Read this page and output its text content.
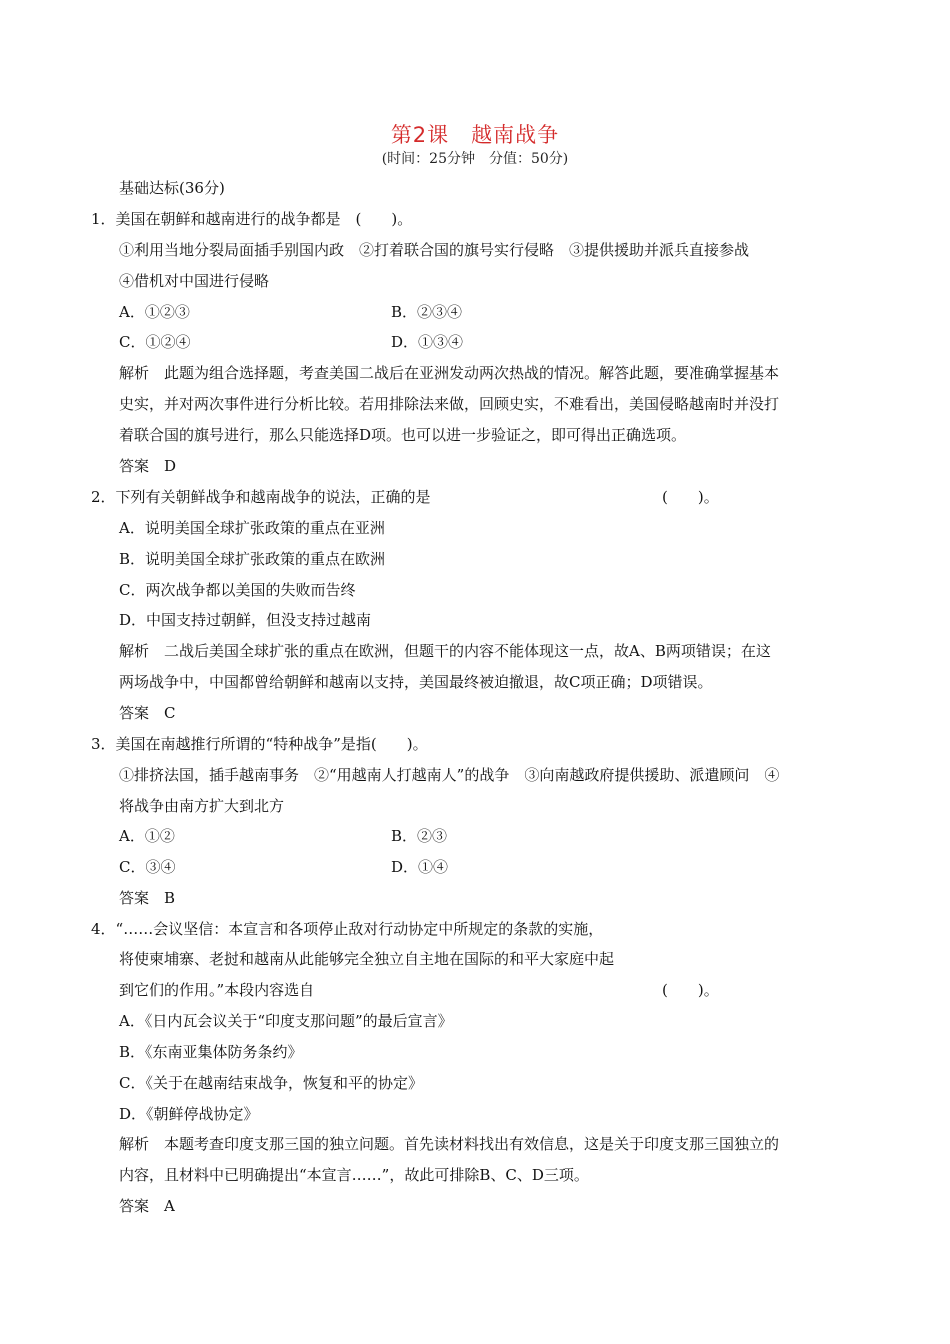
第2课　越南战争
(时间：25分钟　分值：50分)
基础达标(36分)
1．美国在朝鲜和越南进行的战争都是　(　　)。
①利用当地分裂局面插手别国内政　②打着联合国的旗号实行侵略　③提供援助并派兵直接参战
④借机对中国进行侵略
A．①②③	B．②③④
C．①②④	D．①③④
解析　此题为组合选择题，考查美国二战后在亚洲发动两次热战的情况。解答此题，要准确掌握基本
史实，并对两次事件进行分析比较。若用排除法来做，回顾史实，不难看出，美国侵略越南时并没打
着联合国的旗号进行，那么只能选择D项。也可以进一步验证之，即可得出正确选项。
答案　D
2．下列有关朝鲜战争和越南战争的说法，正确的是	(　　)。
A．说明美国全球扩张政策的重点在亚洲
B．说明美国全球扩张政策的重点在欧洲
C．两次战争都以美国的失败而告终
D．中国支持过朝鲜，但没支持过越南
解析　二战后美国全球扩张的重点在欧洲，但题干的内容不能体现这一点，故A、B两项错误；在这
两场战争中，中国都曾给朝鲜和越南以支持，美国最终被迫撤退，故C项正确；D项错误。
答案　C
3．美国在南越推行所谓的“特种战争”是指(　　)。
①排挤法国，插手越南事务　②“用越南人打越南人”的战争　③向南越政府提供援助、派遣顾问　④
将战争由南方扩大到北方
A．①②	B．②③
C．③④	D．①④
答案　B
4．“……会议坚信：本宣言和各项停止敌对行动协定中所规定的条款的实施，
将使柬埔寨、老挝和越南从此能够完全独立自主地在国际的和平大家庭中起
到它们的作用。”本段内容选自	(　　)。
A．《日内瓦会议关于“印度支那问题”的最后宣言》
B．《东南亚集体防务条约》
C．《关于在越南结束战争，恢复和平的协定》
D．《朝鲜停战协定》
解析　本题考查印度支那三国的独立问题。首先读材料找出有效信息，这是关于印度支那三国独立的
内容，且材料中已明确提出“本宣言……”，故此可排除B、C、D三项。
答案　A
